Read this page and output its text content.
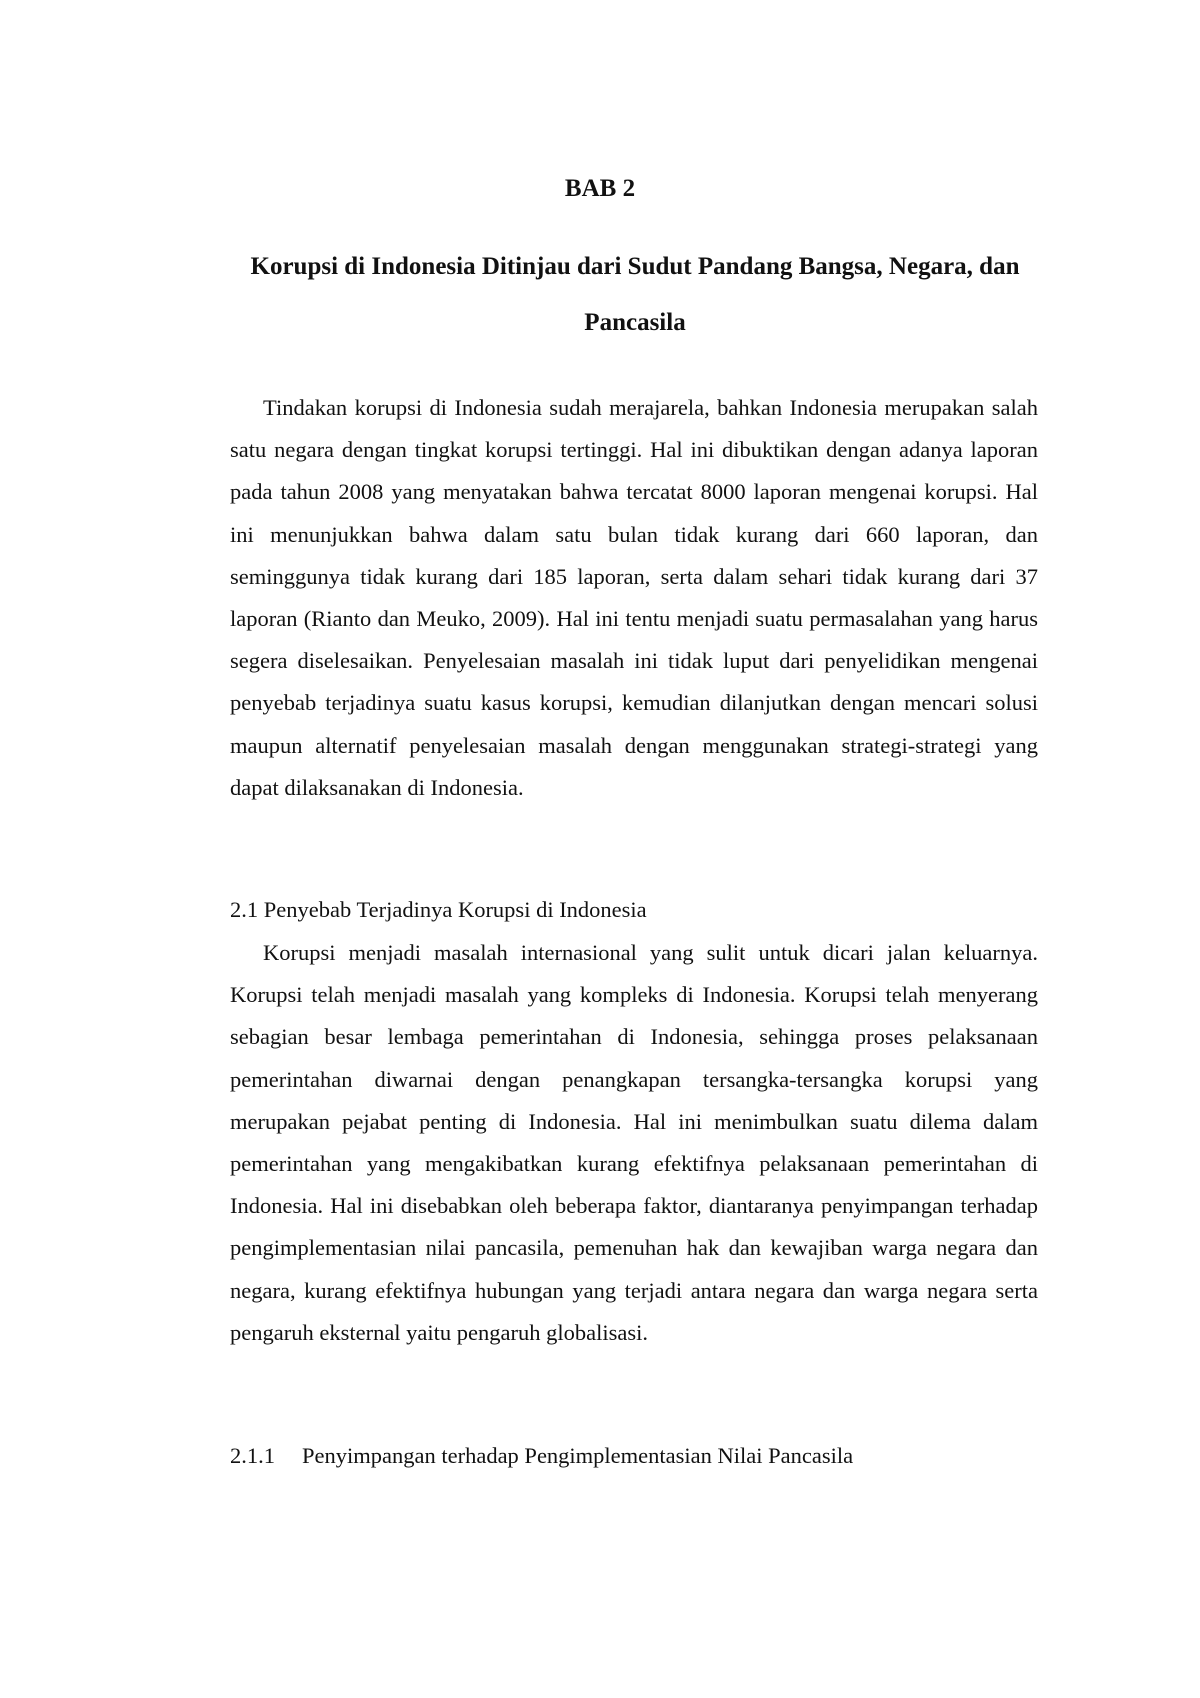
BAB 2
Korupsi di Indonesia Ditinjau dari Sudut Pandang Bangsa, Negara, dan Pancasila

Tindakan korupsi di Indonesia sudah merajarela, bahkan Indonesia merupakan salah satu negara dengan tingkat korupsi tertinggi. Hal ini dibuktikan dengan adanya laporan pada tahun 2008 yang menyatakan bahwa tercatat 8000 laporan mengenai korupsi. Hal ini menunjukkan bahwa dalam satu bulan tidak kurang dari 660 laporan, dan seminggunya tidak kurang dari 185 laporan, serta dalam sehari tidak kurang dari 37 laporan (Rianto dan Meuko, 2009). Hal ini tentu menjadi suatu permasalahan yang harus segera diselesaikan. Penyelesaian masalah ini tidak luput dari penyelidikan mengenai penyebab terjadinya suatu kasus korupsi, kemudian dilanjutkan dengan mencari solusi maupun alternatif penyelesaian masalah dengan menggunakan strategi-strategi yang dapat dilaksanakan di Indonesia.

2.1 Penyebab Terjadinya Korupsi di Indonesia

Korupsi menjadi masalah internasional yang sulit untuk dicari jalan keluarnya. Korupsi telah menjadi masalah yang kompleks di Indonesia. Korupsi telah menyerang sebagian besar lembaga pemerintahan di Indonesia, sehingga proses pelaksanaan pemerintahan diwarnai dengan penangkapan tersangka-tersangka korupsi yang merupakan pejabat penting di Indonesia. Hal ini menimbulkan suatu dilema dalam pemerintahan yang mengakibatkan kurang efektifnya pelaksanaan pemerintahan di Indonesia. Hal ini disebabkan oleh beberapa faktor, diantaranya penyimpangan terhadap pengimplementasian nilai pancasila, pemenuhan hak dan kewajiban warga negara dan negara, kurang efektifnya hubungan yang terjadi antara negara dan warga negara serta pengaruh eksternal yaitu pengaruh globalisasi.

2.1.1 Penyimpangan terhadap Pengimplementasian Nilai Pancasila
